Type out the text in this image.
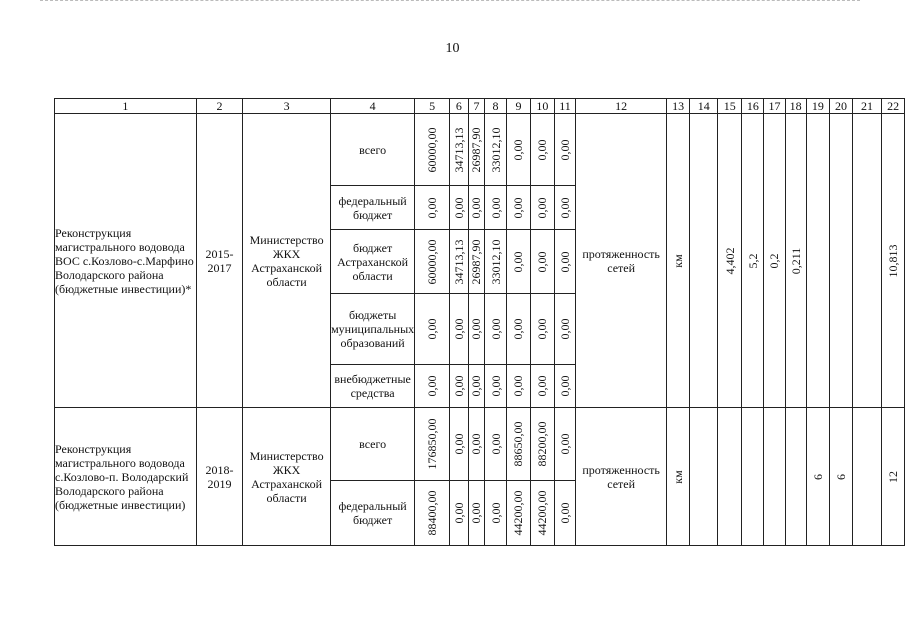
10
1	2	3	4	5	6	7	8	9	10	11	12	13	14	15	16	17	18	19	20	21	22
Реконструкция магистрального водовода ВОС с.Козлово-с.Марфино Володарского района (бюджетные инвестиции)*	2015-2017	Министерство ЖКХ Астраханской области	всего	60000,00	34713,13	26987,90	33012,10	0,00	0,00	0,00	протяженность сетей	км		4,402	5,2	0,2	0,211				10,813

			федеральный бюджет	0,00	0,00	0,00	0,00	0,00	0,00	0,00											

			бюджет Астраханской области	60000,00	34713,13	26987,90	33012,10	0,00	0,00	0,00											

			бюджеты муниципальных образований	0,00	0,00	0,00	0,00	0,00	0,00	0,00											

			внебюджетные средства	0,00	0,00	0,00	0,00	0,00	0,00	0,00											

Реконструкция магистрального водовода с.Козлово-п. Володарский Володарского района (бюджетные инвестиции)	2018-2019	Министерство ЖКХ Астраханской области	всего	176850,00	0,00	0,00	0,00	88650,00	88200,00	0,00	протяженность сетей	км						6	6		12

			федеральный бюджет	88400,00	0,00	0,00	0,00	44200,00	44200,00	0,00											
